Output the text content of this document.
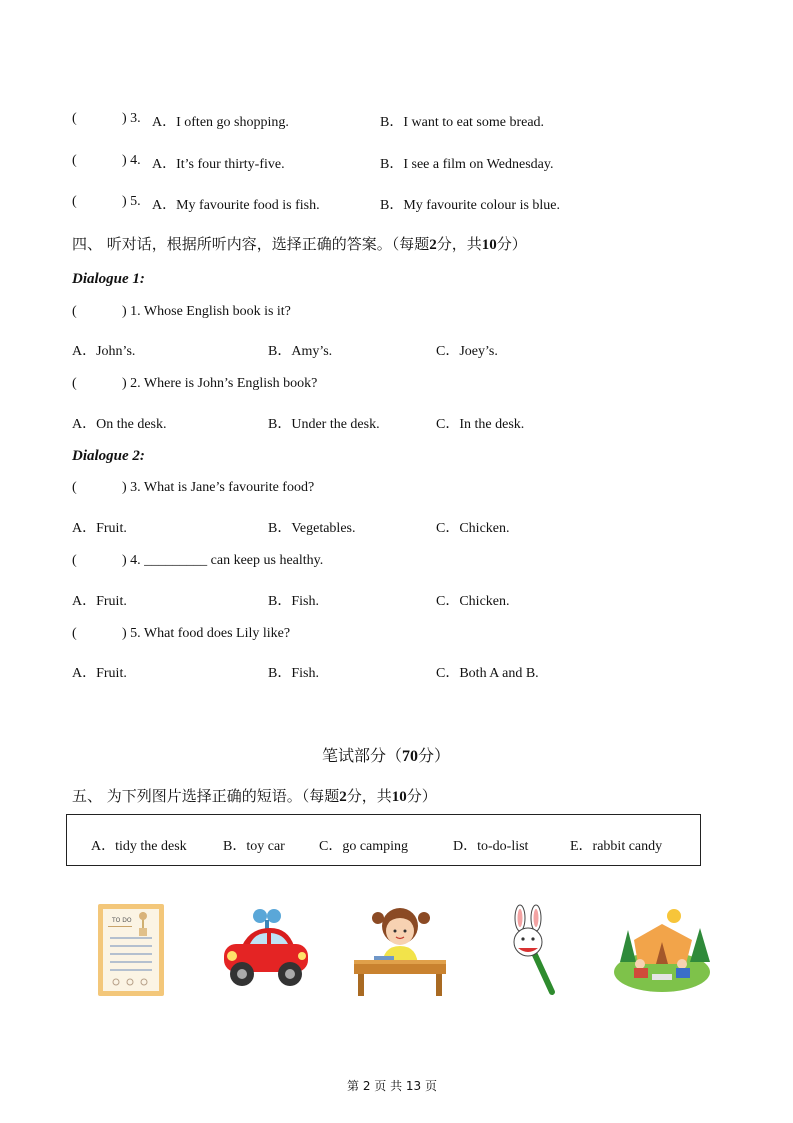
(	) 3. A．I often go shopping.	B．I want to eat some bread.
(	) 4. A．It’s four thirty-five.	B．I see a film on Wednesday.
(	) 5. A．My favourite food is fish.	B．My favourite colour is blue.
四、 听对话，根据所听内容，选择正确的答案。（每题2分，共10分）
Dialogue 1:
(	) 1. Whose English book is it?
A．John’s.	B．Amy’s.	C．Joey’s.
(	) 2. Where is John’s English book?
A．On the desk.	B．Under the desk.	C．In the desk.
Dialogue 2:
(	) 3. What is Jane’s favourite food?
A．Fruit.	B．Vegetables.	C．Chicken.
(	) 4. _________ can keep us healthy.
A．Fruit.	B．Fish.	C．Chicken.
(	) 5. What food does Lily like?
A．Fruit.	B．Fish.	C．Both A and B.
笔试部分（70分）
五、 为下列图片选择正确的短语。（每题2分，共10分）
A．tidy the desk	B．toy car C．go camping	D．to-do-list	E．rabbit candy
TO DO
第 2 页 共 13 页
